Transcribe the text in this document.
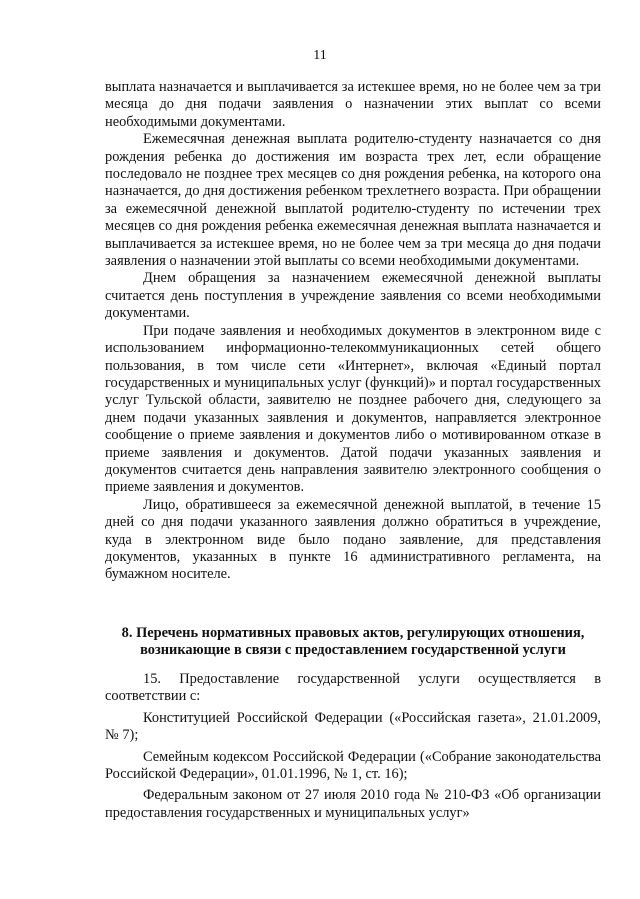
11

выплата назначается и выплачивается за истекшее время, но не более чем за три месяца до дня подачи заявления о назначении этих выплат со всеми необходимыми документами.

Ежемесячная денежная выплата родителю-студенту назначается со дня рождения ребенка до достижения им возраста трех лет, если обращение последовало не позднее трех месяцев со дня рождения ребенка, на которого она назначается, до дня достижения ребенком трехлетнего возраста. При обращении за ежемесячной денежной выплатой родителю-студенту по истечении трех месяцев со дня рождения ребенка ежемесячная денежная выплата назначается и выплачивается за истекшее время, но не более чем за три месяца до дня подачи заявления о назначении этой выплаты со всеми необходимыми документами.

Днем обращения за назначением ежемесячной денежной выплаты считается день поступления в учреждение заявления со всеми необходимыми документами.

При подаче заявления и необходимых документов в электронном виде с использованием информационно-телекоммуникационных сетей общего пользования, в том числе сети «Интернет», включая «Единый портал государственных и муниципальных услуг (функций)» и портал государственных услуг Тульской области, заявителю не позднее рабочего дня, следующего за днем подачи указанных заявления и документов, направляется электронное сообщение о приеме заявления и документов либо о мотивированном отказе в приеме заявления и документов. Датой подачи указанных заявления и документов считается день направления заявителю электронного сообщения о приеме заявления и документов.

Лицо, обратившееся за ежемесячной денежной выплатой, в течение 15 дней со дня подачи указанного заявления должно обратиться в учреждение, куда в электронном виде было подано заявление, для представления документов, указанных в пункте 16 административного регламента, на бумажном носителе.

8. Перечень нормативных правовых актов, регулирующих отношения,
возникающие в связи с предоставлением государственной услуги

15. Предоставление государственной услуги осуществляется в соответствии с:

Конституцией Российской Федерации («Российская газета», 21.01.2009, № 7);

Семейным кодексом Российской Федерации («Собрание законодательства Российской Федерации», 01.01.1996, № 1, ст. 16);

Федеральным законом от 27 июля 2010 года № 210-ФЗ «Об организации предоставления государственных и муниципальных услуг»
